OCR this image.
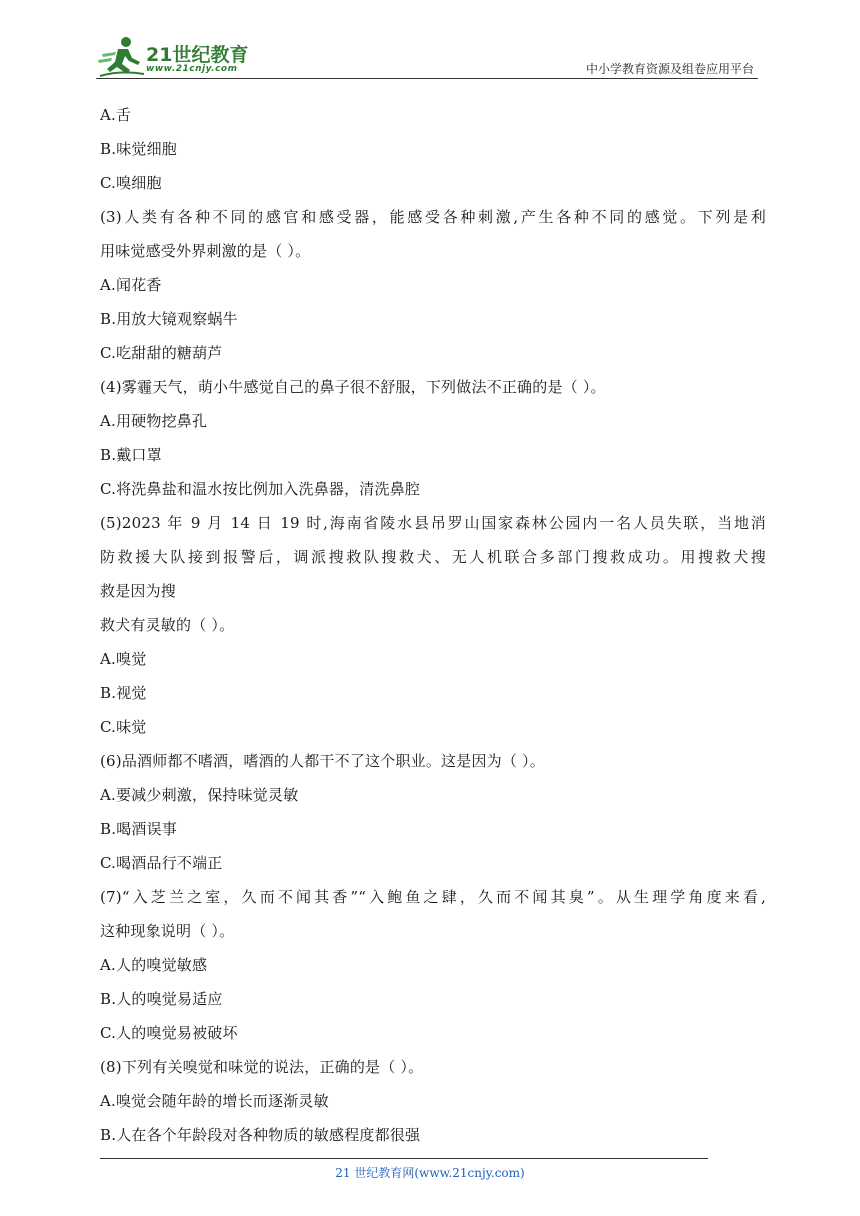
21世纪教育
www.21cnjy.com	中小学教育资源及组卷应用平台
A.舌
B.味觉细胞
C.嗅细胞
(3)人类有各种不同的感官和感受器，能感受各种刺激,产生各种不同的感觉。下列是利
用味觉感受外界刺激的是（ ）。
A.闻花香
B.用放大镜观察蜗牛
C.吃甜甜的糖葫芦
(4)雾霾天气，萌小牛感觉自己的鼻子很不舒服，下列做法不正确的是（ ）。
A.用硬物挖鼻孔
B.戴口罩
C.将洗鼻盐和温水按比例加入洗鼻器，清洗鼻腔
(5)2023 年 9 月 14 日 19 时,海南省陵水县吊罗山国家森林公园内一名人员失联，当地消
防救援大队接到报警后，调派搜救队搜救犬、无人机联合多部门搜救成功。用搜救犬搜
救是因为搜
救犬有灵敏的（ ）。
A.嗅觉
B.视觉
C.味觉
(6)品酒师都不嗜酒，嗜酒的人都干不了这个职业。这是因为（ ）。
A.要减少刺激，保持味觉灵敏
B.喝酒误事
C.喝酒品行不端正
(7)“入芝兰之室，久而不闻其香”“入鲍鱼之肆，久而不闻其臭”。从生理学角度来看,
这种现象说明（ ）。
A.人的嗅觉敏感
B.人的嗅觉易适应
C.人的嗅觉易被破坏
(8)下列有关嗅觉和味觉的说法，正确的是（ ）。
A.嗅觉会随年龄的增长而逐渐灵敏
B.人在各个年龄段对各种物质的敏感程度都很强
21 世纪教育网(www.21cnjy.com)
